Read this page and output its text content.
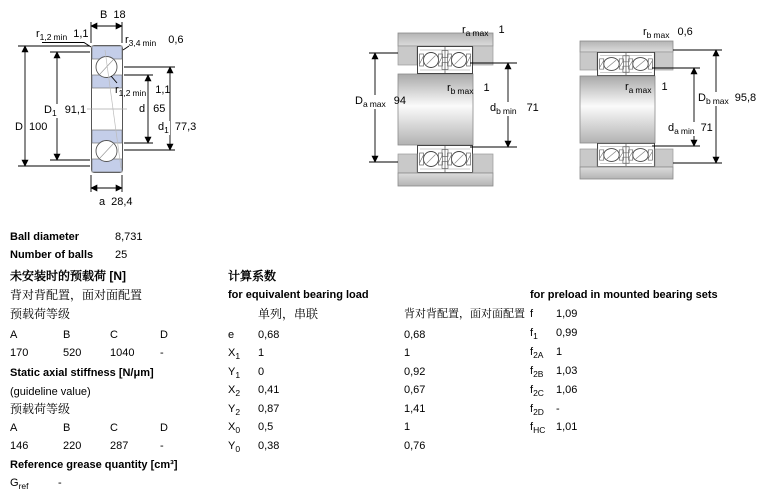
B 18
$r_{1,2}$ $_{min}$ 1,1	$r_{3,4}$ $_{min}$ 0,6
$r_{1,2}$ $_{min}$ 1,1
$D_1$ 91,1
D 100
d 65
$d_1$ 77,3
a 28,4
$r_a$ $_{max}$ 1
$r_b$ $_{max}$ 1
$D_a$ $_{max}$ 94
$d_b$ $_{min}$ 71
$r_b$ $_{max}$ 0,6
$r_a$ $_{max}$ 1
$D_b$ $_{max}$ 95,8
$d_a$ $_{min}$ 71
Ball diameter	8,731
Number of balls 25
未安装时的预载荷 [N]
背对背配置，面对面配置
预载荷等级
A	B	C	D
170	520	1040 -
Static axial stiffness [N/μm]
(guideline value)
预载荷等级
A	B	C	D
146	220	287	-
Reference grease quantity [cm³]
$G_{ref}$	-
计算系数
for equivalent bearing load
单列，串联	背对背配置，面对面配置
e 0,68	0,68
$X_1$ 1	1
$Y_1$ 0	0,92
$X_2$ 0,41	0,67
$Y_2$ 0,87	1,41
$X_0$ 0,5	1
$Y_0$ 0,38	0,76
for preload in mounted bearing sets
f 1,09
$f_1$ 0,99
$f_{2A}$ 1
$f_{2B}$ 1,03
$f_{2C}$ 1,06
$f_{2D}$ -
$f_{HC}$ 1,01
